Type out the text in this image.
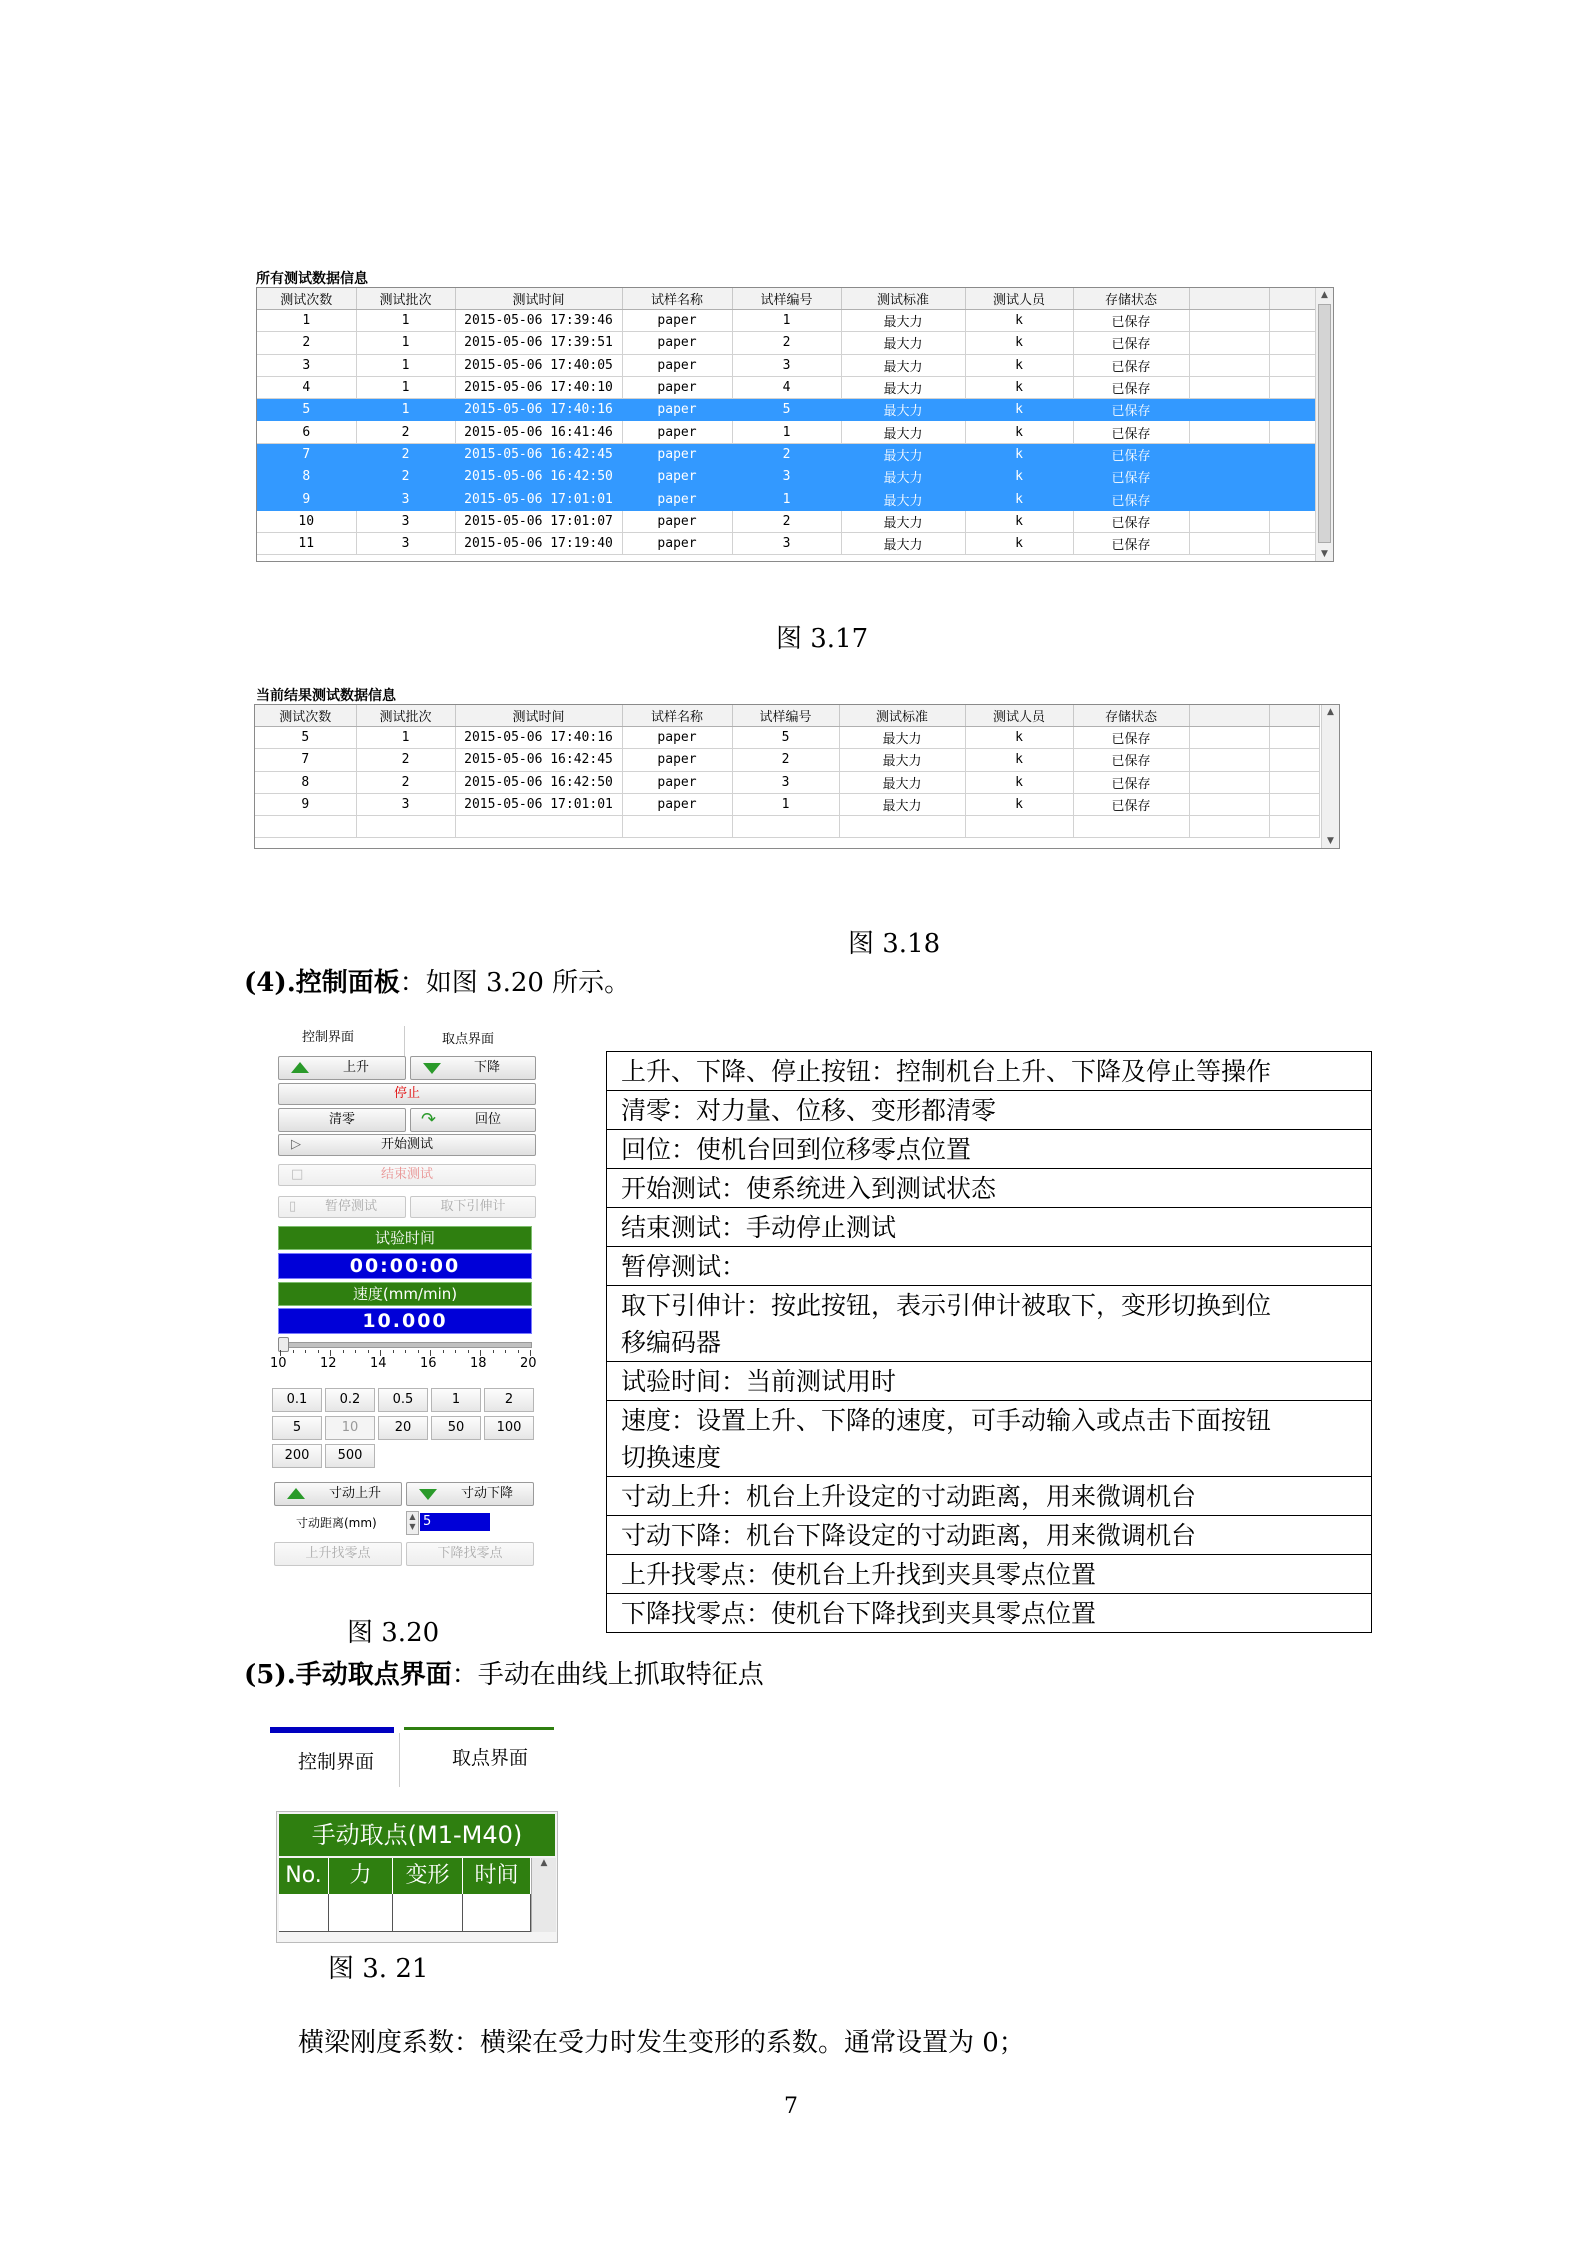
所有测试数据信息
测试次数	测试批次	测试时间	试样名称	试样编号	测试标准	测试人员	存储状态		
1	1	2015-05-06 17:39:46	paper	1	最大力	k	已保存		
2	1	2015-05-06 17:39:51	paper	2	最大力	k	已保存		
3	1	2015-05-06 17:40:05	paper	3	最大力	k	已保存		
4	1	2015-05-06 17:40:10	paper	4	最大力	k	已保存		
5	1	2015-05-06 17:40:16	paper	5	最大力	k	已保存		
6	2	2015-05-06 16:41:46	paper	1	最大力	k	已保存		
7	2	2015-05-06 16:42:45	paper	2	最大力	k	已保存		
8	2	2015-05-06 16:42:50	paper	3	最大力	k	已保存		
9	3	2015-05-06 17:01:01	paper	1	最大力	k	已保存		
10	3	2015-05-06 17:01:07	paper	2	最大力	k	已保存		
11	3	2015-05-06 17:19:40	paper	3	最大力	k	已保存		
▲
▼
图 3.17
当前结果测试数据信息
测试次数	测试批次	测试时间	试样名称	试样编号	测试标准	测试人员	存储状态		
5	1	2015-05-06 17:40:16	paper	5	最大力	k	已保存		
7	2	2015-05-06 16:42:45	paper	2	最大力	k	已保存		
8	2	2015-05-06 16:42:50	paper	3	最大力	k	已保存		
9	3	2015-05-06 17:01:01	paper	1	最大力	k	已保存		

▲
▼
图 3.18
(4).控制面板：如图 3.20 所示。
控制界面	取点界面
上升	下降
停止
清零	↷	回位
▷	开始测试
□	结束测试
▯ 暂停测试	取下引伸计
试验时间
00:00:00
速度(mm/min)
10.000
10	12	14	16	18	20
0.1	0.2	0.5	1	2
5	10	20	50	100
200	500
寸动上升	寸动下降
寸动距离(mm)	▲
▼ 5
上升找零点	下降找零点
图 3.20
上升、下降、停止按钮：控制机台上升、下降及停止等操作

清零：对力量、位移、变形都清零

回位：使机台回到位移零点位置

开始测试：使系统进入到测试状态

结束测试：手动停止测试

暂停测试：

取下引伸计：按此按钮，表示引伸计被取下，变形切换到位
移编码器

试验时间：当前测试用时

速度：设置上升、下降的速度，可手动输入或点击下面按钮
切换速度

寸动上升：机台上升设定的寸动距离，用来微调机台

寸动下降：机台下降设定的寸动距离，用来微调机台

上升找零点：使机台上升找到夹具零点位置

下降找零点：使机台下降找到夹具零点位置
(5).手动取点界面：手动在曲线上抓取特征点
控制界面	取点界面
手动取点(M1-M40)
No.	力	变形	时间	▲
图 3. 21
横梁刚度系数：横梁在受力时发生变形的系数。通常设置为 0；
7
